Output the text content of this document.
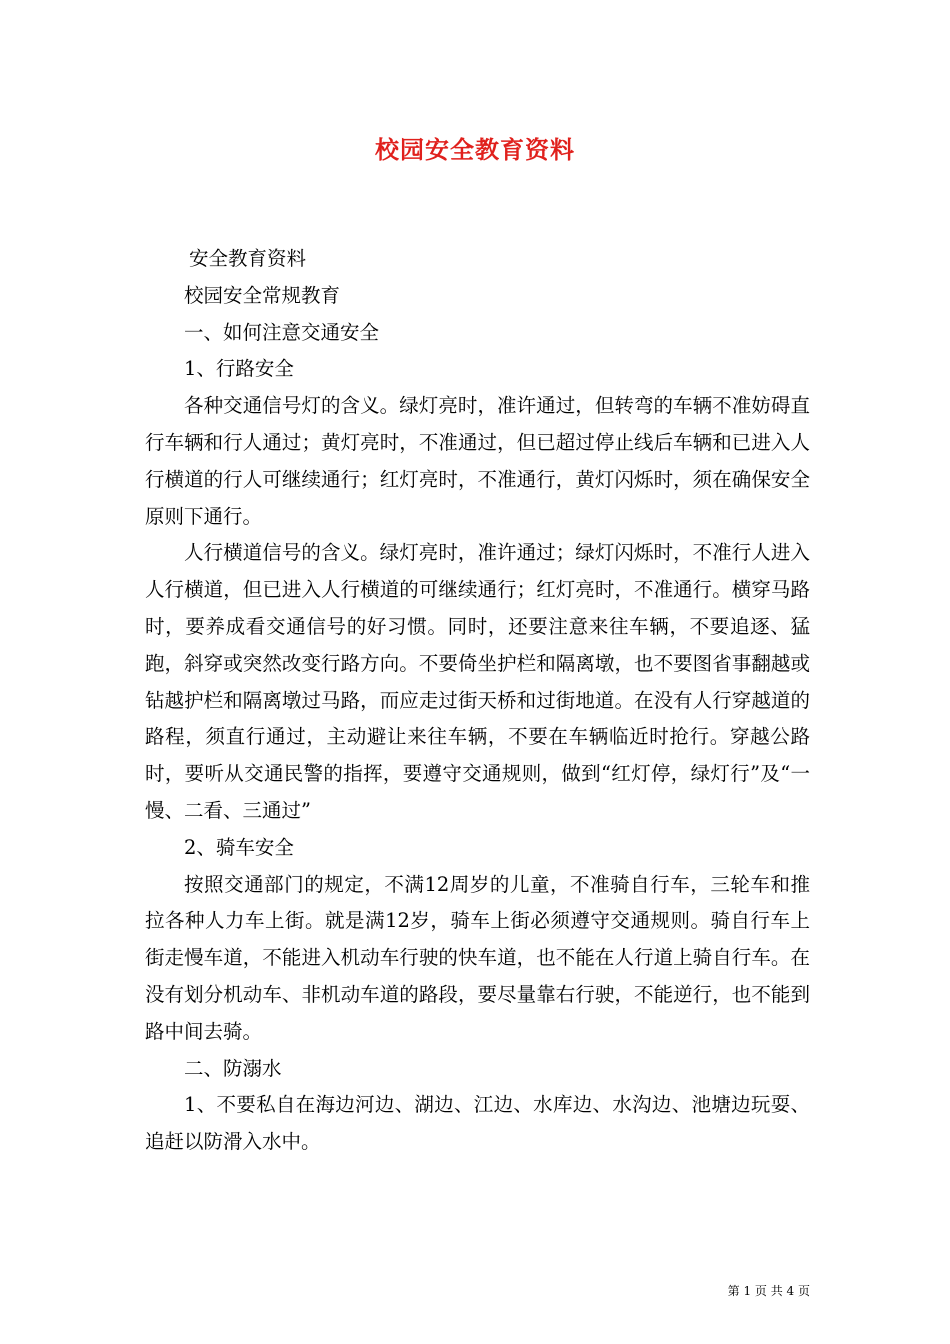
校园安全教育资料

安全教育资料

校园安全常规教育

一、如何注意交通安全

1、行路安全

各种交通信号灯的含义。绿灯亮时，准许通过，但转弯的车辆不准妨碍直行车辆和行人通过；黄灯亮时，不准通过，但已超过停止线后车辆和已进入人行横道的行人可继续通行；红灯亮时，不准通行，黄灯闪烁时，须在确保安全原则下通行。

人行横道信号的含义。绿灯亮时，准许通过；绿灯闪烁时，不准行人进入人行横道，但已进入人行横道的可继续通行；红灯亮时，不准通行。横穿马路时，要养成看交通信号的好习惯。同时，还要注意来往车辆，不要追逐、猛跑，斜穿或突然改变行路方向。不要倚坐护栏和隔离墩，也不要图省事翻越或钻越护栏和隔离墩过马路，而应走过街天桥和过街地道。在没有人行穿越道的路程，须直行通过，主动避让来往车辆，不要在车辆临近时抢行。穿越公路时，要听从交通民警的指挥，要遵守交通规则，做到“红灯停，绿灯行”及“一慢、二看、三通过”

2、骑车安全

按照交通部门的规定，不满12周岁的儿童，不准骑自行车，三轮车和推拉各种人力车上街。就是满12岁，骑车上街必须遵守交通规则。骑自行车上街走慢车道，不能进入机动车行驶的快车道，也不能在人行道上骑自行车。在没有划分机动车、非机动车道的路段，要尽量靠右行驶，不能逆行，也不能到路中间去骑。

二、防溺水

1、不要私自在海边河边、湖边、江边、水库边、水沟边、池塘边玩耍、追赶以防滑入水中。

第 1 页 共 4 页
